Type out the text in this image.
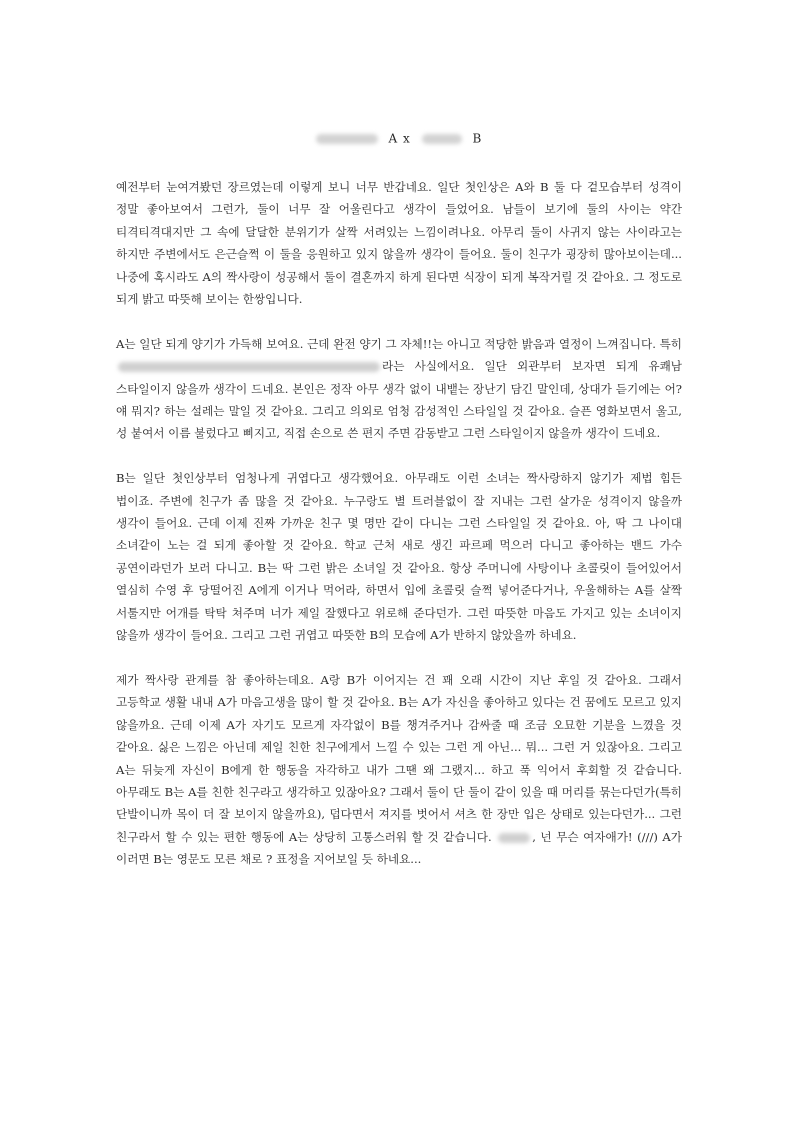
A x	B

예전부터 눈여겨봤던 장르였는데 이렇게 보니 너무 반갑네요. 일단 첫인상은 A와 B 둘 다 겉모습부터 성격이 정말 좋아보여서 그런가, 둘이 너무 잘 어울린다고 생각이 들었어요. 남들이 보기에 둘의 사이는 약간 티격티격대지만 그 속에 달달한 분위기가 살짝 서려있는 느낌이려나요. 아무리 둘이 사귀지 않는 사이라고는 하지만 주변에서도 은근슬쩍 이 둘을 응원하고 있지 않을까 생각이 들어요. 둘이 친구가 굉장히 많아보이는데... 나중에 혹시라도 A의 짝사랑이 성공해서 둘이 결혼까지 하게 된다면 식장이 되게 복작거릴 것 같아요. 그 정도로 되게 밝고 따뜻해 보이는 한쌍입니다.

A는 일단 되게 양기가 가득해 보여요. 근데 완전 양기 그 자체!!는 아니고 적당한 밝음과 열정이 느껴집니다. 특히 라는 사실에서요. 일단 외관부터 보자면 되게 유쾌남 스타일이지 않을까 생각이 드네요. 본인은 정작 아무 생각 없이 내뱉는 장난기 담긴 말인데, 상대가 듣기에는 어? 얘 뭐지? 하는 설레는 말일 것 같아요. 그리고 의외로 엄청 감성적인 스타일일 것 같아요. 슬픈 영화보면서 울고, 성 붙여서 이름 불렀다고 삐지고, 직접 손으로 쓴 편지 주면 감동받고 그런 스타일이지 않을까 생각이 드네요.

B는 일단 첫인상부터 엄청나게 귀엽다고 생각했어요. 아무래도 이런 소녀는 짝사랑하지 않기가 제법 힘든 법이죠. 주변에 친구가 좀 많을 것 같아요. 누구랑도 별 트러블없이 잘 지내는 그런 살가운 성격이지 않을까 생각이 들어요. 근데 이제 진짜 가까운 친구 몇 명만 같이 다니는 그런 스타일일 것 같아요. 아, 딱 그 나이대 소녀같이 노는 걸 되게 좋아할 것 같아요. 학교 근처 새로 생긴 파르페 먹으러 다니고 좋아하는 밴드 가수 공연이라던가 보러 다니고. B는 딱 그런 밝은 소녀일 것 같아요. 항상 주머니에 사탕이나 초콜릿이 들어있어서 열심히 수영 후 당떨어진 A에게 이거나 먹어라, 하면서 입에 초콜릿 슬쩍 넣어준다거나, 우울해하는 A를 살짝 서툴지만 어개를 탁탁 쳐주며 너가 제일 잘했다고 위로해 준다던가. 그런 따뜻한 마음도 가지고 있는 소녀이지 않을까 생각이 들어요. 그리고 그런 귀엽고 따뜻한 B의 모습에 A가 반하지 않았을까 하네요.

제가 짝사랑 관계를 참 좋아하는데요. A랑 B가 이어지는 건 꽤 오래 시간이 지난 후일 것 같아요. 그래서 고등학교 생활 내내 A가 마음고생을 많이 할 것 같아요. B는 A가 자신을 좋아하고 있다는 건 꿈에도 모르고 있지 않을까요. 근데 이제 A가 자기도 모르게 자각없이 B를 챙겨주거나 감싸줄 때 조금 오묘한 기분을 느꼈을 것 같아요. 싫은 느낌은 아닌데 제일 친한 친구에게서 느낄 수 있는 그런 게 아닌... 뭐... 그런 거 있잖아요. 그리고 A는 뒤늦게 자신이 B에게 한 행동을 자각하고 내가 그땐 왜 그랬지... 하고 푹 익어서 후회할 것 같습니다. 아무래도 B는 A를 친한 친구라고 생각하고 있잖아요? 그래서 둘이 단 둘이 같이 있을 때 머리를 묶는다던가(특히 단발이니까 목이 더 잘 보이지 않을까요), 덥다면서 져지를 벗어서 셔츠 한 장만 입은 상태로 있는다던가... 그런 친구라서 할 수 있는 편한 행동에 A는 상당히 고통스러워 할 것 같습니다.	, 넌 무슨 여자애가! (///) A가 이러면 B는 영문도 모른 채로 ? 표정을 지어보일 듯 하네요...
